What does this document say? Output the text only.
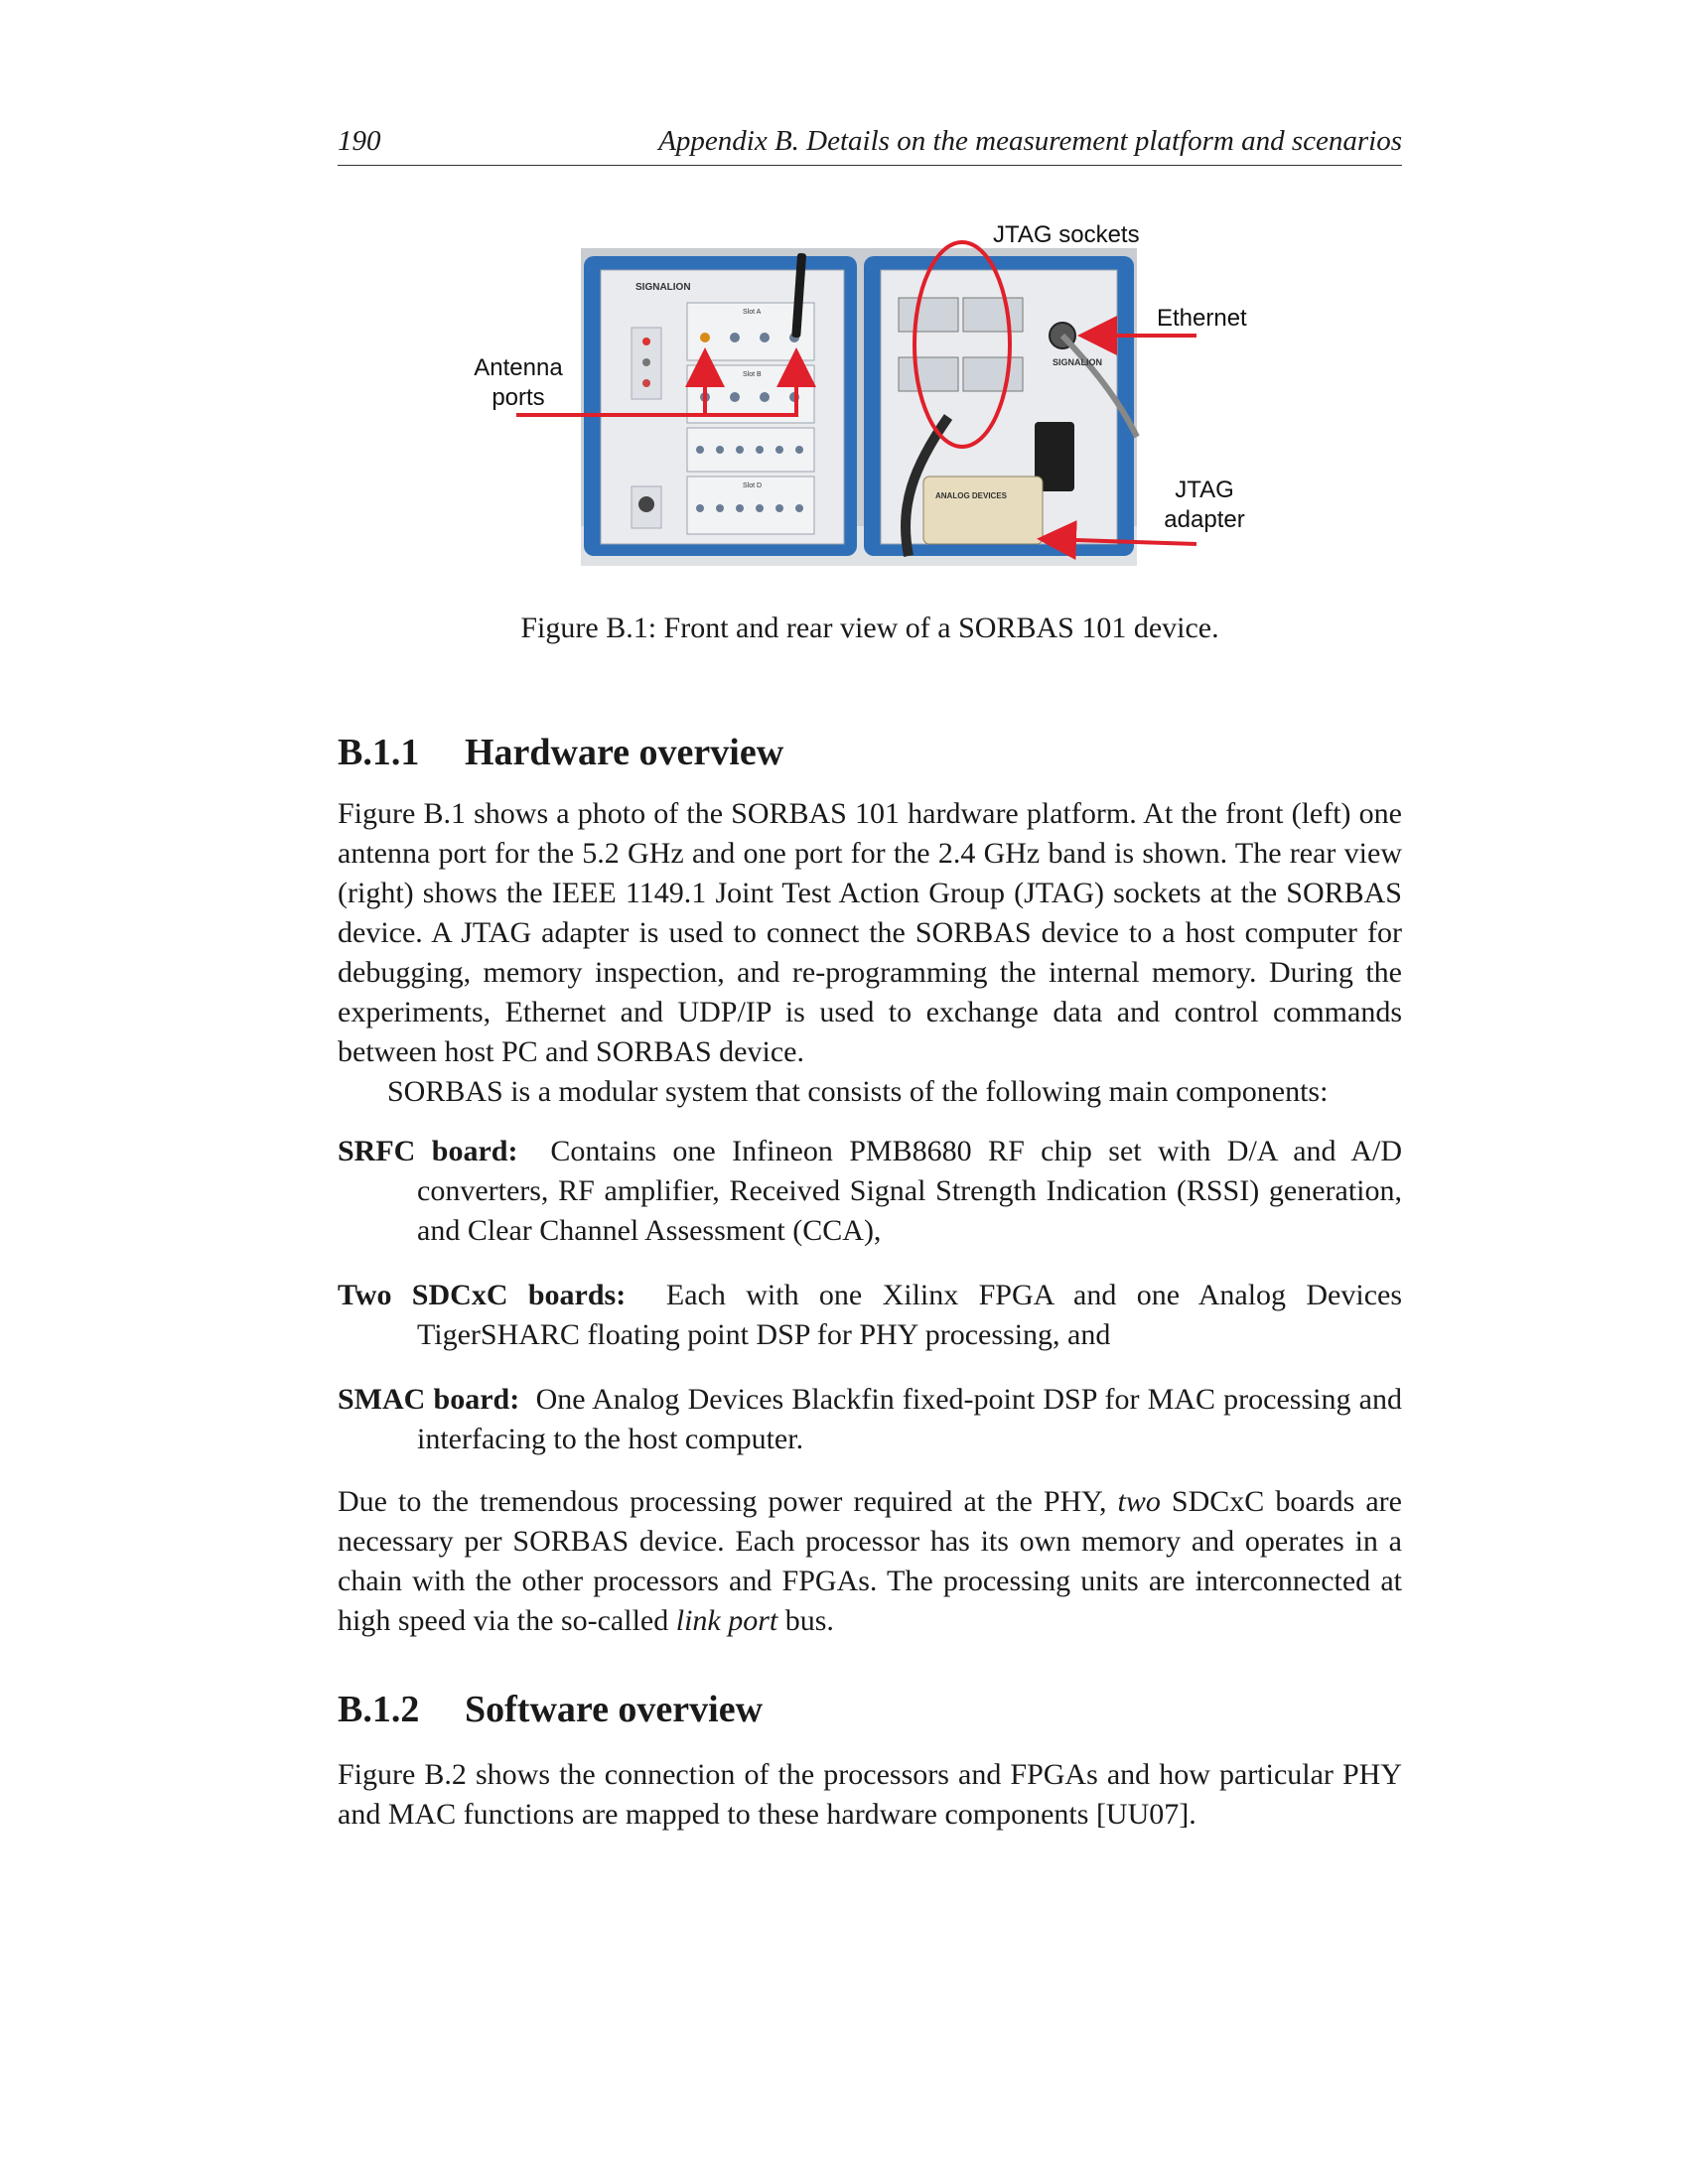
190	Appendix B. Details on the measurement platform and scenarios
SIGNALION
Slot A
Slot B
Slot D
SIGNALION
ANALOG DEVICES
JTAG sockets
Ethernet
Antenna
ports
JTAG
adapter
Figure B.1: Front and rear view of a SORBAS 101 device.
B.1.1 Hardware overview

Figure B.1 shows a photo of the SORBAS 101 hardware platform. At the front (left) one antenna port for the 5.2 GHz and one port for the 2.4 GHz band is shown. The rear view (right) shows the IEEE 1149.1 Joint Test Action Group (JTAG) sockets at the SORBAS device. A JTAG adapter is used to connect the SORBAS device to a host computer for debugging, memory inspection, and re-programming the internal memory. During the experiments, Ethernet and UDP/IP is used to exchange data and control commands between host PC and SORBAS device.

SORBAS is a modular system that consists of the following main components:

SRFC board: Contains one Infineon PMB8680 RF chip set with D/A and A/D converters, RF amplifier, Received Signal Strength Indication (RSSI) generation, and Clear Channel Assessment (CCA),
Two SDCxC boards: Each with one Xilinx FPGA and one Analog Devices TigerSHARC floating point DSP for PHY processing, and
SMAC board: One Analog Devices Blackfin fixed-point DSP for MAC processing and interfacing to the host computer.

Due to the tremendous processing power required at the PHY, two SDCxC boards are necessary per SORBAS device. Each processor has its own memory and operates in a chain with the other processors and FPGAs. The processing units are interconnected at high speed via the so-called link port bus.

B.1.2 Software overview

Figure B.2 shows the connection of the processors and FPGAs and how particular PHY and MAC functions are mapped to these hardware components [UU07].
